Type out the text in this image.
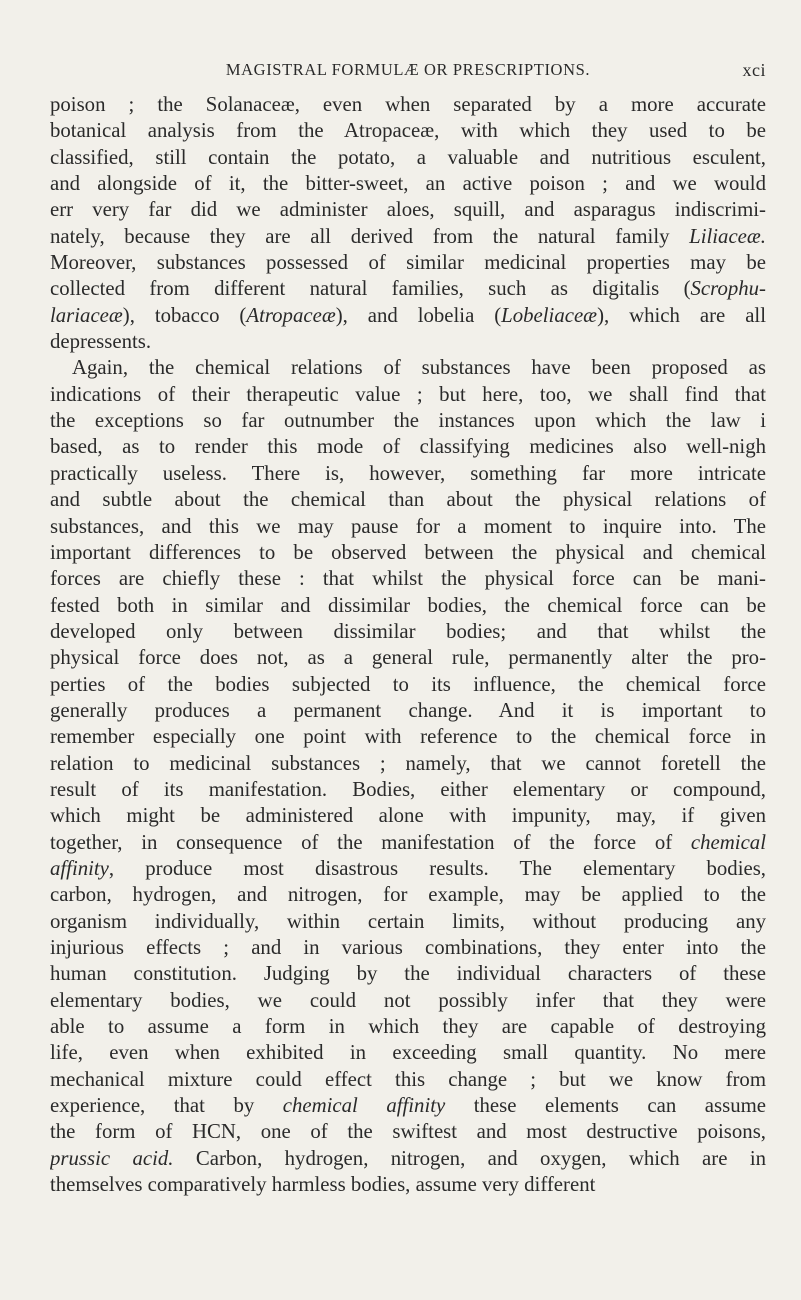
MAGISTRAL FORMULÆ OR PRESCRIPTIONS.	xci
poison ; the Solanaceæ, even when separated by a more accurate
botanical analysis from the Atropaceæ, with which they used to be
classified, still contain the potato, a valuable and nutritious esculent,
and alongside of it, the bitter-sweet, an active poison ; and we would
err very far did we administer aloes, squill, and asparagus indiscrimi-
nately, because they are all derived from the natural family Liliaceæ.
Moreover, substances possessed of similar medicinal properties may be
collected from different natural families, such as digitalis (Scrophu-
lariaceæ), tobacco (Atropaceæ), and lobelia (Lobeliaceæ), which are all
depressents.
Again, the chemical relations of substances have been proposed as
indications of their therapeutic value ; but here, too, we shall find that
the exceptions so far outnumber the instances upon which the law i
based, as to render this mode of classifying medicines also well-nigh
practically useless. There is, however, something far more intricate
and subtle about the chemical than about the physical relations of
substances, and this we may pause for a moment to inquire into. The
important differences to be observed between the physical and chemical
forces are chiefly these : that whilst the physical force can be mani-
fested both in similar and dissimilar bodies, the chemical force can be
developed only between dissimilar bodies; and that whilst the
physical force does not, as a general rule, permanently alter the pro-
perties of the bodies subjected to its influence, the chemical force
generally produces a permanent change. And it is important to
remember especially one point with reference to the chemical force in
relation to medicinal substances ; namely, that we cannot foretell the
result of its manifestation. Bodies, either elementary or compound,
which might be administered alone with impunity, may, if given
together, in consequence of the manifestation of the force of chemical
affinity, produce most disastrous results. The elementary bodies,
carbon, hydrogen, and nitrogen, for example, may be applied to the
organism individually, within certain limits, without producing any
injurious effects ; and in various combinations, they enter into the
human constitution. Judging by the individual characters of these
elementary bodies, we could not possibly infer that they were
able to assume a form in which they are capable of destroying
life, even when exhibited in exceeding small quantity. No mere
mechanical mixture could effect this change ; but we know from
experience, that by chemical affinity these elements can assume
the form of HCN, one of the swiftest and most destructive poisons,
prussic acid. Carbon, hydrogen, nitrogen, and oxygen, which are in
themselves comparatively harmless bodies, assume very different
